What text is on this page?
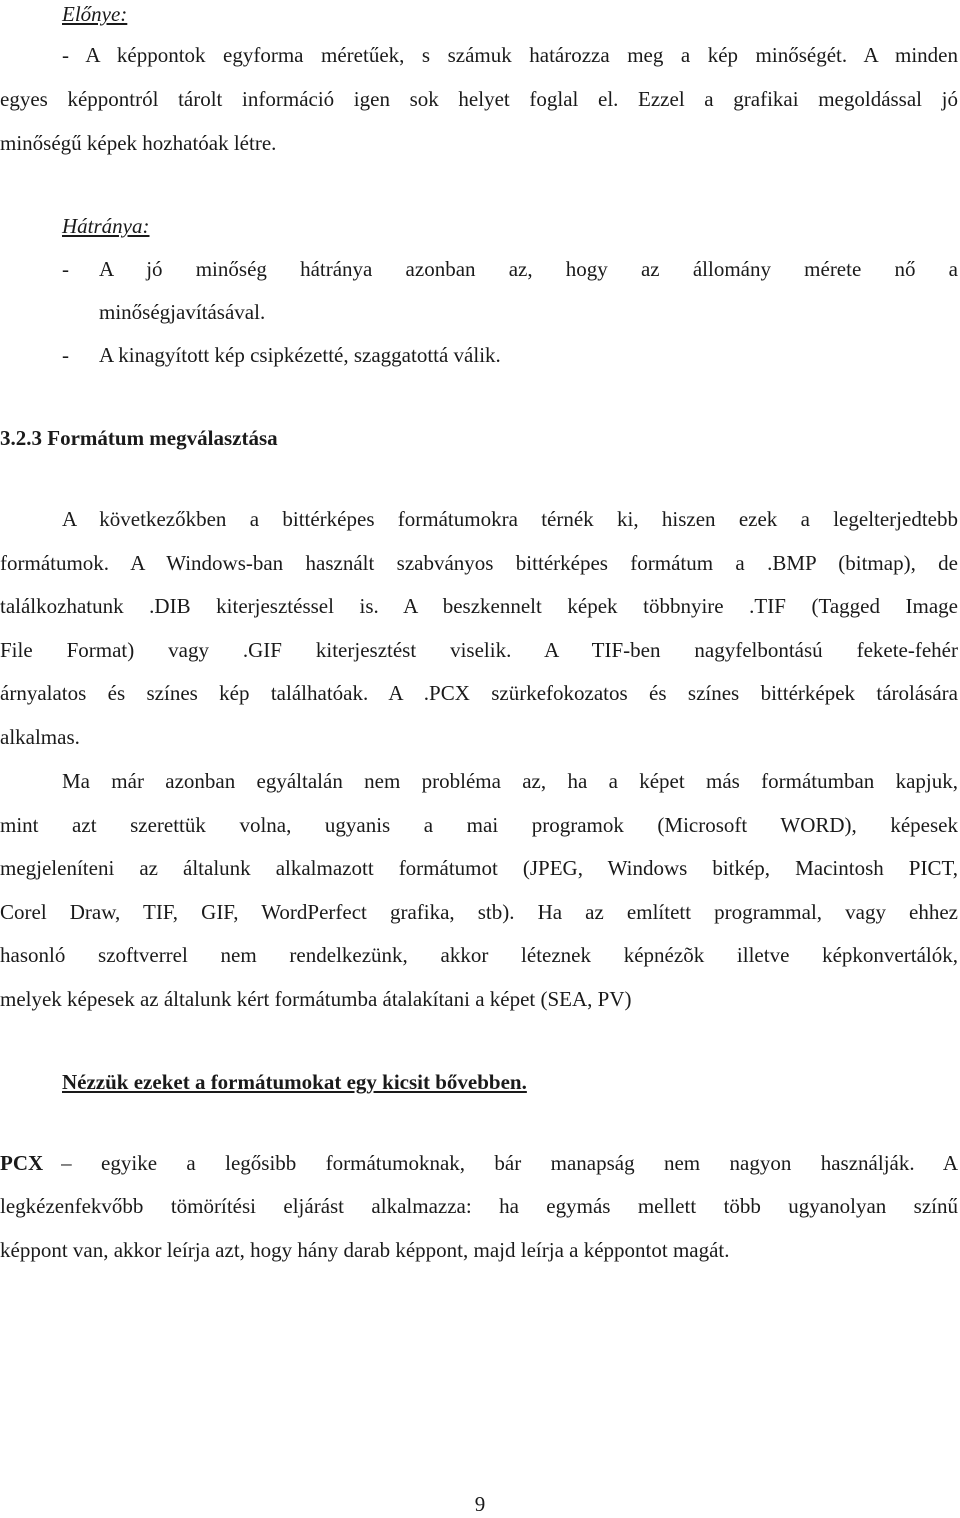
Előnye:
- A képpontok egyforma méretűek, s számuk határozza meg a kép minőségét. A minden
egyes képpontról tárolt információ igen sok helyet foglal el. Ezzel a grafikai megoldással jó
minőségű képek hozhatóak létre.
Hátránya:
- A jó minőség hátránya azonban az, hogy az állomány mérete nő a
minőségjavításával.
- A kinagyított kép csipkézetté, szaggatottá válik.
3.2.3 Formátum megválasztása
A következőkben a bittérképes formátumokra térnék ki, hiszen ezek a legelterjedtebb
formátumok. A Windows-ban használt szabványos bittérképes formátum a .BMP (bitmap), de
találkozhatunk .DIB kiterjesztéssel is. A beszkennelt képek többnyire .TIF (Tagged Image
File Format) vagy .GIF kiterjesztést viselik. A TIF-ben nagyfelbontású fekete-fehér
árnyalatos és színes kép találhatóak. A .PCX szürkefokozatos és színes bittérképek tárolására
alkalmas.
Ma már azonban egyáltalán nem probléma az, ha a képet más formátumban kapjuk,
mint azt szerettük volna, ugyanis a mai programok (Microsoft WORD), képesek
megjeleníteni az általunk alkalmazott formátumot (JPEG, Windows bitkép, Macintosh PICT,
Corel Draw, TIF, GIF, WordPerfect grafika, stb). Ha az említett programmal, vagy ehhez
hasonló szoftverrel nem rendelkezünk, akkor léteznek képnézõk illetve képkonvertálók,
melyek képesek az általunk kért formátumba átalakítani a képet (SEA, PV)
Nézzük ezeket a formátumokat egy kicsit bővebben.
PCX – egyike a legősibb formátumoknak, bár manapság nem nagyon használják. A
legkézenfekvőbb tömörítési eljárást alkalmazza: ha egymás mellett több ugyanolyan színű
képpont van, akkor leírja azt, hogy hány darab képpont, majd leírja a képpontot magát.
9
